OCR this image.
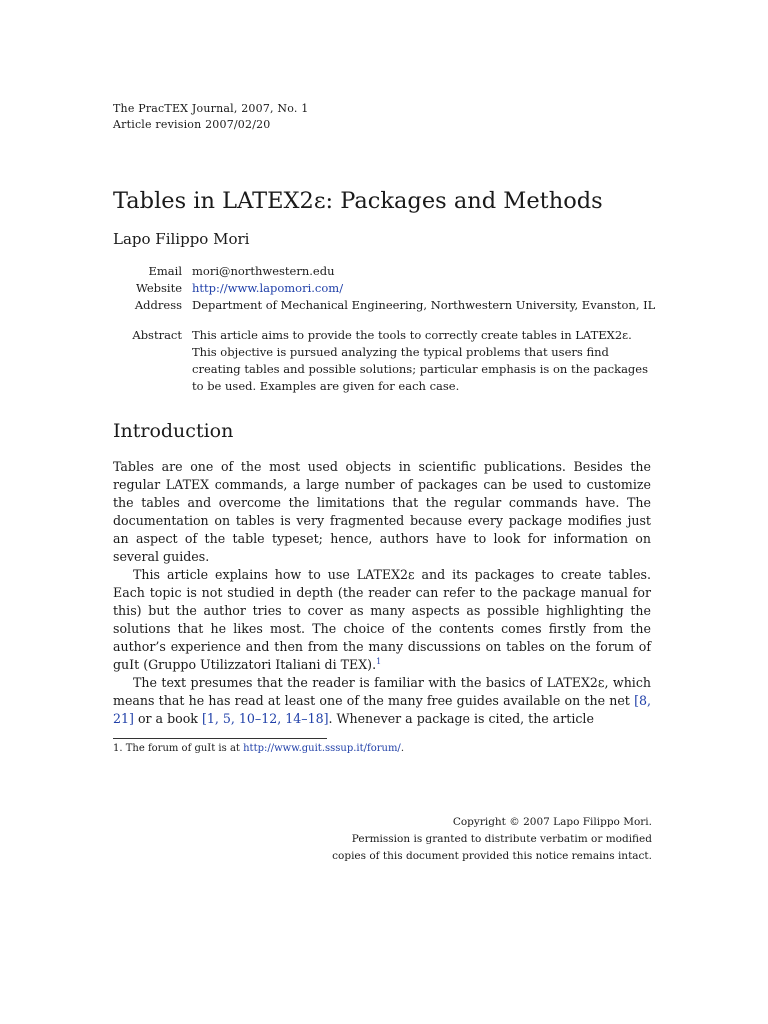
The PracTEX Journal, 2007, No. 1
Article revision 2007/02/20
Tables in LATEX2ε: Packages and Methods
Lapo Filippo Mori
Email mori@northwestern.edu
Website http://www.lapomori.com/
Address Department of Mechanical Engineering, Northwestern University, Evanston, IL
Abstract This article aims to provide the tools to correctly create tables in LATEX2ε. This objective is pursued analyzing the typical problems that users find creating tables and possible solutions; particular emphasis is on the packages to be used. Examples are given for each case.
Introduction

Tables are one of the most used objects in scientific publications. Besides the regular LATEX commands, a large number of packages can be used to customize the tables and overcome the limitations that the regular commands have. The documentation on tables is very fragmented because every package modifies just an aspect of the table typeset; hence, authors have to look for information on several guides.

This article explains how to use LATEX2ε and its packages to create tables. Each topic is not studied in depth (the reader can refer to the package manual for this) but the author tries to cover as many aspects as possible highlighting the solutions that he likes most. The choice of the contents comes firstly from the author’s experience and then from the many discussions on tables on the forum of guIt (Gruppo Utilizzatori Italiani di TEX).$^1$

The text presumes that the reader is familiar with the basics of LATEX2ε, which means that he has read at least one of the many free guides available on the net [8, 21] or a book [1, 5, 10–12, 14–18]. Whenever a package is cited, the article

1. The forum of guIt is at http://www.guit.sssup.it/forum/.
Copyright © 2007 Lapo Filippo Mori.
Permission is granted to distribute verbatim or modified
copies of this document provided this notice remains intact.
